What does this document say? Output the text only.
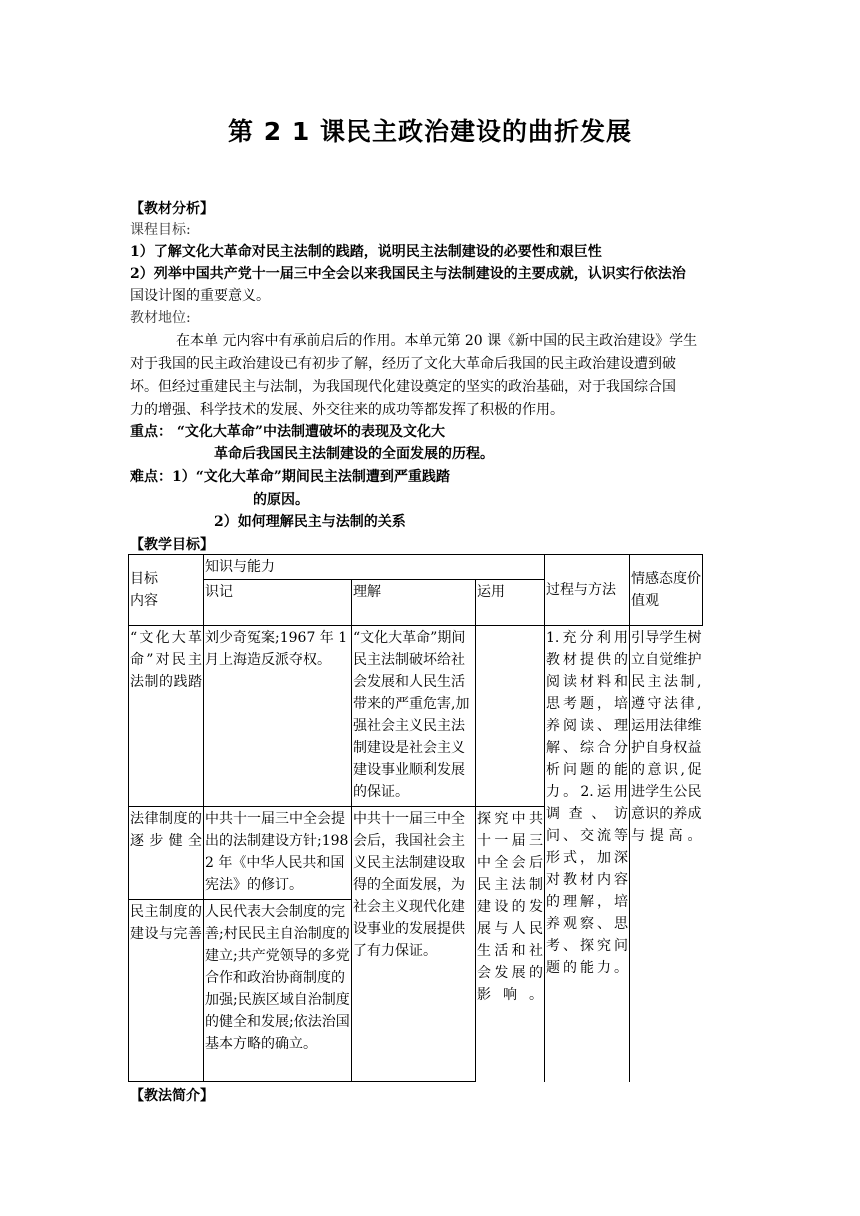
第 2 1 课民主政治建设的曲折发展
【教材分析】
课程目标:
1）了解文化大革命对民主法制的践踏，说明民主法制建设的必要性和艰巨性
2）列举中国共产党十一届三中全会以来我国民主与法制建设的主要成就，认识实行依法治
国设计图的重要意义。
教材地位:
在本单 元内容中有承前启后的作用。本单元第 20 课《新中国的民主政治建设》学生
对于我国的民主政治建设已有初步了解，经历了文化大革命后我国的民主政治建设遭到破
坏。但经过重建民主与法制，为我国现代化建设奠定的坚实的政治基础，对于我国综合国
力的增强、科学技术的发展、外交往来的成功等都发挥了积极的作用。
重点： “文化大革命”中法制遭破坏的表现及文化大
革命后我国民主法制建设的全面发展的历程。
难点：1）“文化大革命”期间民主法制遭到严重践踏
的原因。
2）如何理解民主与法制的关系
【教学目标】
目标
内容	知识与能力			过程与方法	情感态度价值观
	识记	理解	运用		
“文化大革命”对民主法制的践踏	刘少奇冤案;1967 年 1 月上海造反派夺权。	“文化大革命”期间民主法制破坏给社会发展和人民生活带来的严重危害,加强社会主义民主法制建设是社会主义建设事业顺利发展的保证。		1.充分利用教材提供的阅读材料和思考题，培养阅读、理解、综合分析问题的能力。2.运用调查、访问、交流等形式，加深对教材内容的理解，培养观察、思考、探究问题的能力。	引导学生树立自觉维护民主法制,遵守法律,运用法律维护自身权益的意识,促进学生公民意识的养成与提高。
法律制度的逐步健全	中共十一届三中全会提出的法制建设方针;1982 年《中华人民共和国宪法》的修订。	中共十一届三中全会后，我国社会主义民主法制建设取得的全面发展，为社会主义现代化建设事业的发展提供了有力保证。	探究中共十一届三中全会后民主法制建设的发展与人民生活和社会发展的影响。		
民主制度的建设与完善	人民代表大会制度的完善;村民民主自治制度的建立;共产党领导的多党合作和政治协商制度的加强;民族区域自治制度的健全和发展;依法治国基本方略的确立。				
【教法简介】
